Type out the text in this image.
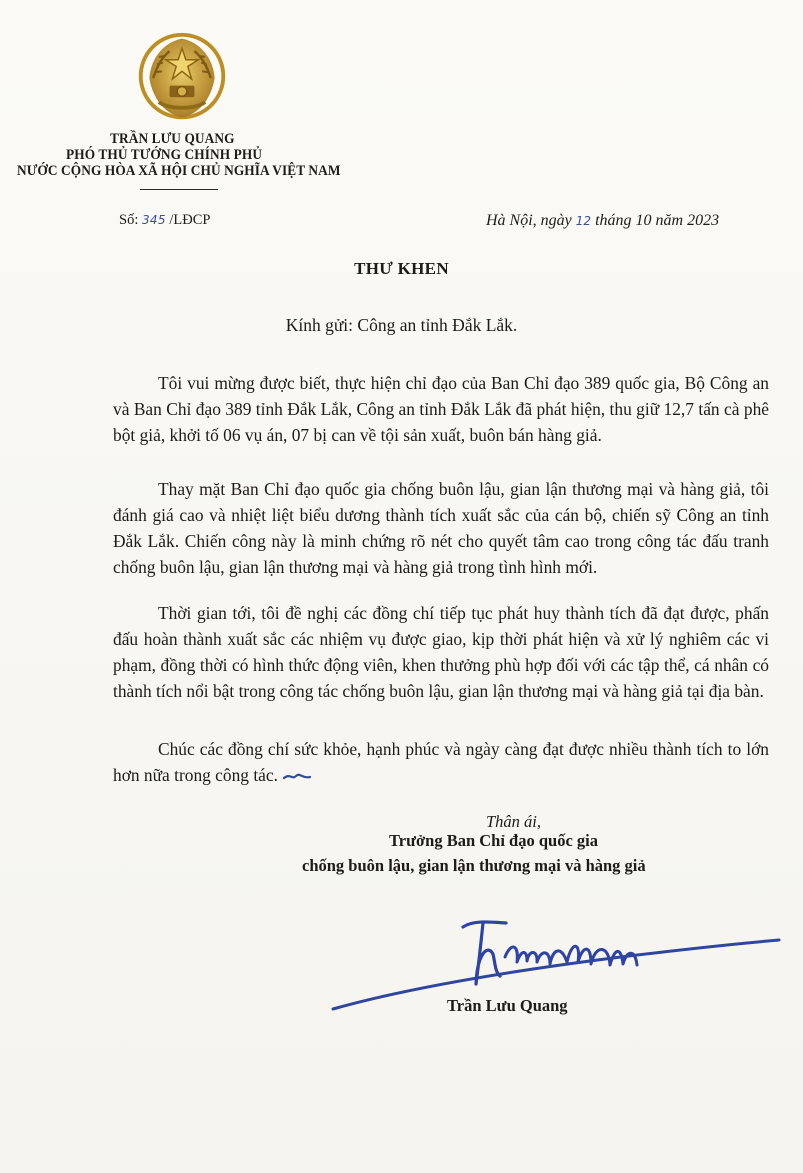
TRẦN LƯU QUANG
PHÓ THỦ TƯỚNG CHÍNH PHỦ
NƯỚC CỘNG HÒA XÃ HỘI CHỦ NGHĨA VIỆT NAM
Số: 345 /LĐCP	Hà Nội, ngày 12 tháng 10 năm 2023
THƯ KHEN
Kính gửi: Công an tỉnh Đắk Lắk.

Tôi vui mừng được biết, thực hiện chỉ đạo của Ban Chỉ đạo 389 quốc gia, Bộ Công an và Ban Chỉ đạo 389 tỉnh Đắk Lắk, Công an tỉnh Đắk Lắk đã phát hiện, thu giữ 12,7 tấn cà phê bột giả, khởi tố 06 vụ án, 07 bị can về tội sản xuất, buôn bán hàng giả.

Thay mặt Ban Chỉ đạo quốc gia chống buôn lậu, gian lận thương mại và hàng giả, tôi đánh giá cao và nhiệt liệt biểu dương thành tích xuất sắc của cán bộ, chiến sỹ Công an tỉnh Đắk Lắk. Chiến công này là minh chứng rõ nét cho quyết tâm cao trong công tác đấu tranh chống buôn lậu, gian lận thương mại và hàng giả trong tình hình mới.

Thời gian tới, tôi đề nghị các đồng chí tiếp tục phát huy thành tích đã đạt được, phấn đấu hoàn thành xuất sắc các nhiệm vụ được giao, kịp thời phát hiện và xử lý nghiêm các vi phạm, đồng thời có hình thức động viên, khen thưởng phù hợp đối với các tập thể, cá nhân có thành tích nổi bật trong công tác chống buôn lậu, gian lận thương mại và hàng giả tại địa bàn.

Chúc các đồng chí sức khỏe, hạnh phúc và ngày càng đạt được nhiều thành tích to lớn hơn nữa trong công tác.

Thân ái,
Trưởng Ban Chỉ đạo quốc gia
chống buôn lậu, gian lận thương mại và hàng giả
Trần Lưu Quang
